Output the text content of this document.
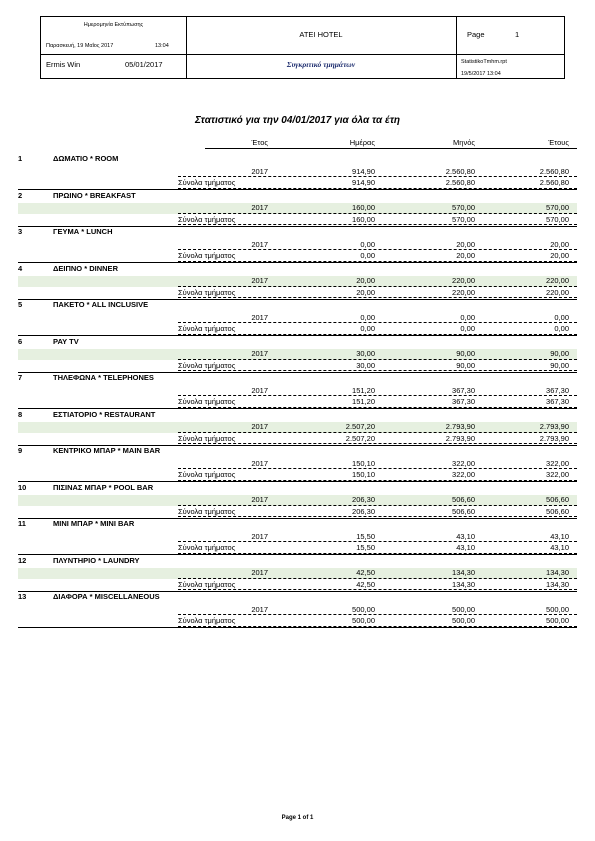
Ημερομηνία Εκτύπωσης
Παρασκευή, 19 Μαΐος 2017	13:04
ATEI HOTEL	Page	1
Ermis Win	05/01/2017	Συγκριτικό τμημάτων	StatistikoTmhm.rpt
19/5/2017 13:04
Στατιστικό για την 04/01/2017 για όλα τα έτη
Έτος	Ημέρας	Μηνός	Έτους
1	ΔΩΜΑΤΙΟ * ROOM
2017	914,90	2.560,80	2.560,80
Σύνολα τμήματος	914,90	2.560,80	2.560,80
2	ΠΡΩΙΝΟ * BREAKFAST
2017	160,00	570,00	570,00
Σύνολα τμήματος	160,00	570,00	570,00
3	ΓΕΥΜΑ * LUNCH
2017	0,00	20,00	20,00
Σύνολα τμήματος	0,00	20,00	20,00
4	ΔΕΙΠΝΟ * DINNER
2017	20,00	220,00	220,00
Σύνολα τμήματος	20,00	220,00	220,00
5	ΠΑΚΕΤΟ * ALL INCLUSIVE
2017	0,00	0,00	0,00
Σύνολα τμήματος	0,00	0,00	0,00
6	PAY TV
2017	30,00	90,00	90,00
Σύνολα τμήματος	30,00	90,00	90,00
7	ΤΗΛΕΦΩΝΑ * TELEPHONES
2017	151,20	367,30	367,30
Σύνολα τμήματος	151,20	367,30	367,30
8	ΕΣΤΙΑΤΟΡΙΟ * RESTAURANT
2017	2.507,20	2.793,90	2.793,90
Σύνολα τμήματος	2.507,20	2.793,90	2.793,90
9	ΚΕΝΤΡΙΚΟ ΜΠΑΡ * MAIN BAR
2017	150,10	322,00	322,00
Σύνολα τμήματος	150,10	322,00	322,00
10	ΠΙΣΙΝΑΣ ΜΠΑΡ * POOL BAR
2017	206,30	506,60	506,60
Σύνολα τμήματος	206,30	506,60	506,60
11	ΜΙΝΙ ΜΠΑΡ * MINI BAR
2017	15,50	43,10	43,10
Σύνολα τμήματος	15,50	43,10	43,10
12	ΠΛΥΝΤΗΡΙΟ * LAUNDRY
2017	42,50	134,30	134,30
Σύνολα τμήματος	42,50	134,30	134,30
13	ΔΙΑΦΟΡΑ * MISCELLANEOUS
2017	500,00	500,00	500,00
Σύνολα τμήματος	500,00	500,00	500,00
Page 1 of 1
